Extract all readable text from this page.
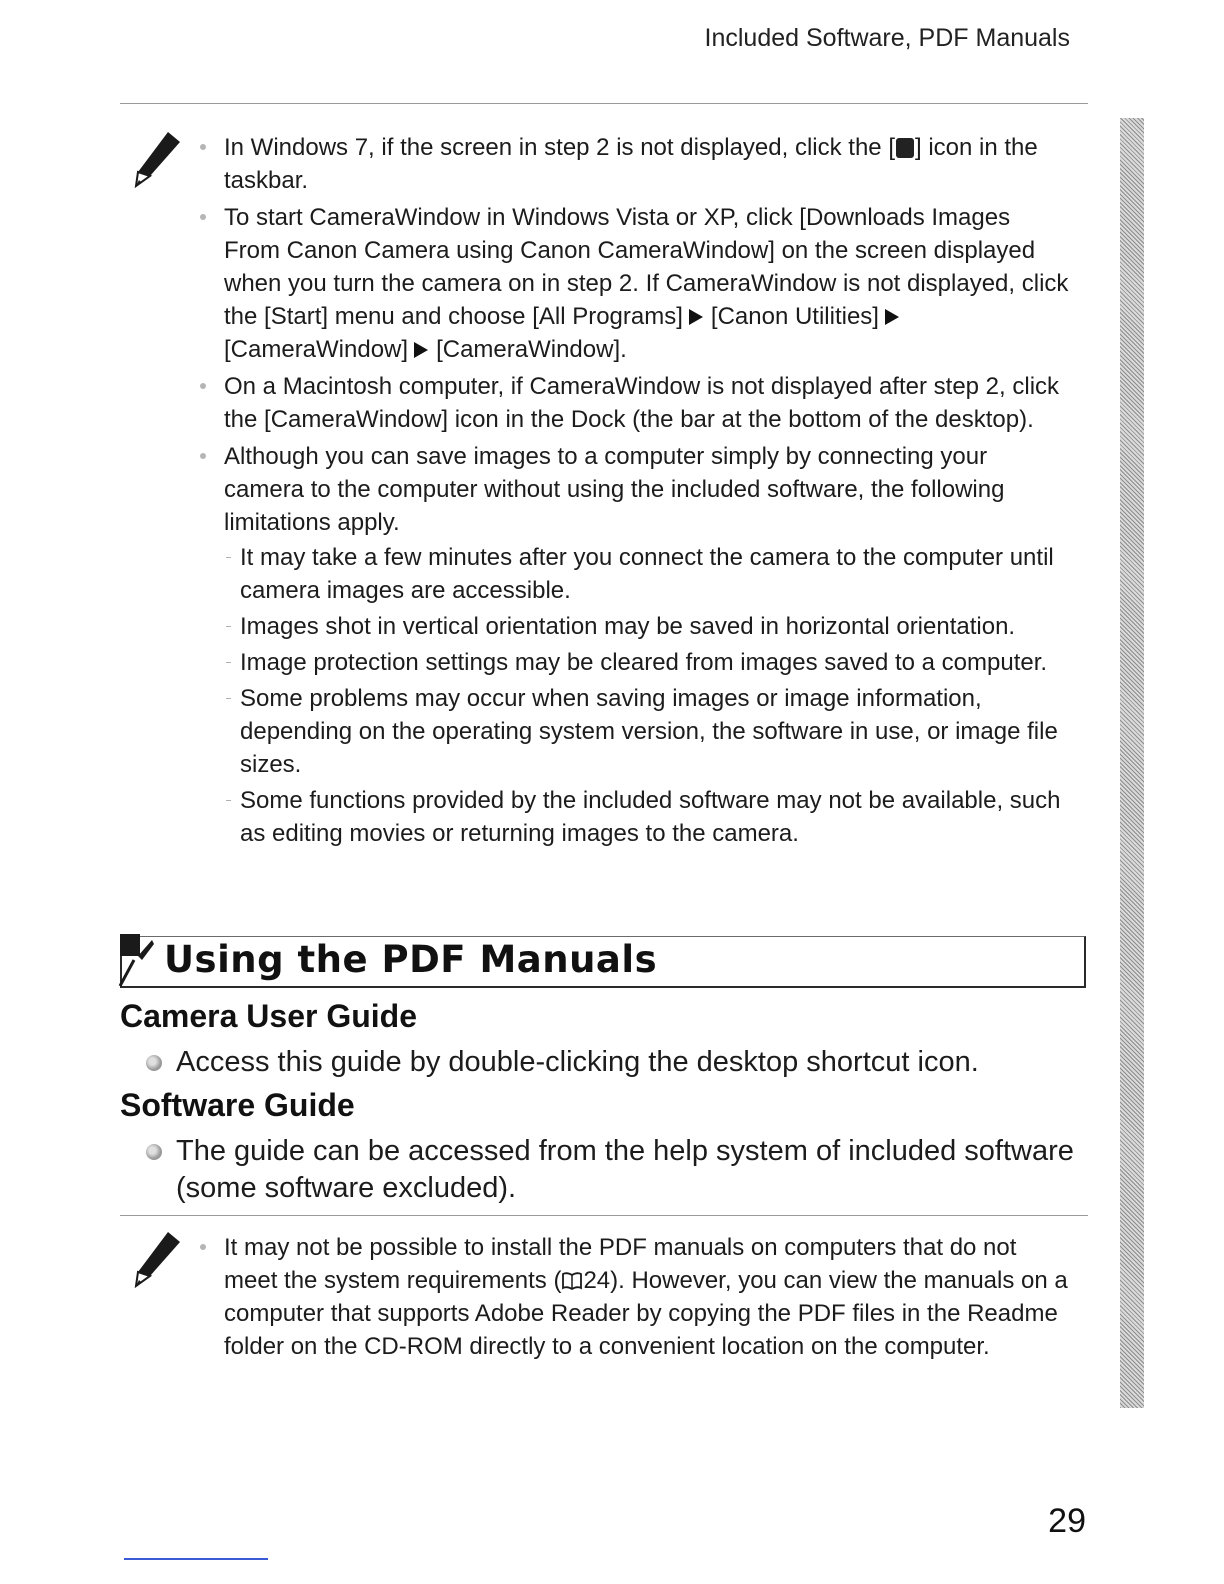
Included Software, PDF Manuals
In Windows 7, if the screen in step 2 is not displayed, click the [ ] icon in the taskbar.
To start CameraWindow in Windows Vista or XP, click [Downloads Images From Canon Camera using Canon CameraWindow] on the screen displayed when you turn the camera on in step 2. If CameraWindow is not displayed, click the [Start] menu and choose [All Programs] [Canon Utilities][CameraWindow] [CameraWindow].
On a Macintosh computer, if CameraWindow is not displayed after step 2, click the [CameraWindow] icon in the Dock (the bar at the bottom of the desktop).
Although you can save images to a computer simply by connecting your camera to the computer without using the included software, the following limitations apply.
It may take a few minutes after you connect the camera to the computer until camera images are accessible.
Images shot in vertical orientation may be saved in horizontal orientation.
Image protection settings may be cleared from images saved to a computer.
Some problems may occur when saving images or image information, depending on the operating system version, the software in use, or image file sizes.
Some functions provided by the included software may not be available, such as editing movies or returning images to the camera.
Using the PDF Manuals
Camera User Guide
Access this guide by double-clicking the desktop shortcut icon.
Software Guide
The guide can be accessed from the help system of included software (some software excluded).
It may not be possible to install the PDF manuals on computers that do not meet the system requirements ( 24). However, you can view the manuals on a computer that supports Adobe Reader by copying the PDF files in the Readme folder on the CD-ROM directly to a convenient location on the computer.
29
